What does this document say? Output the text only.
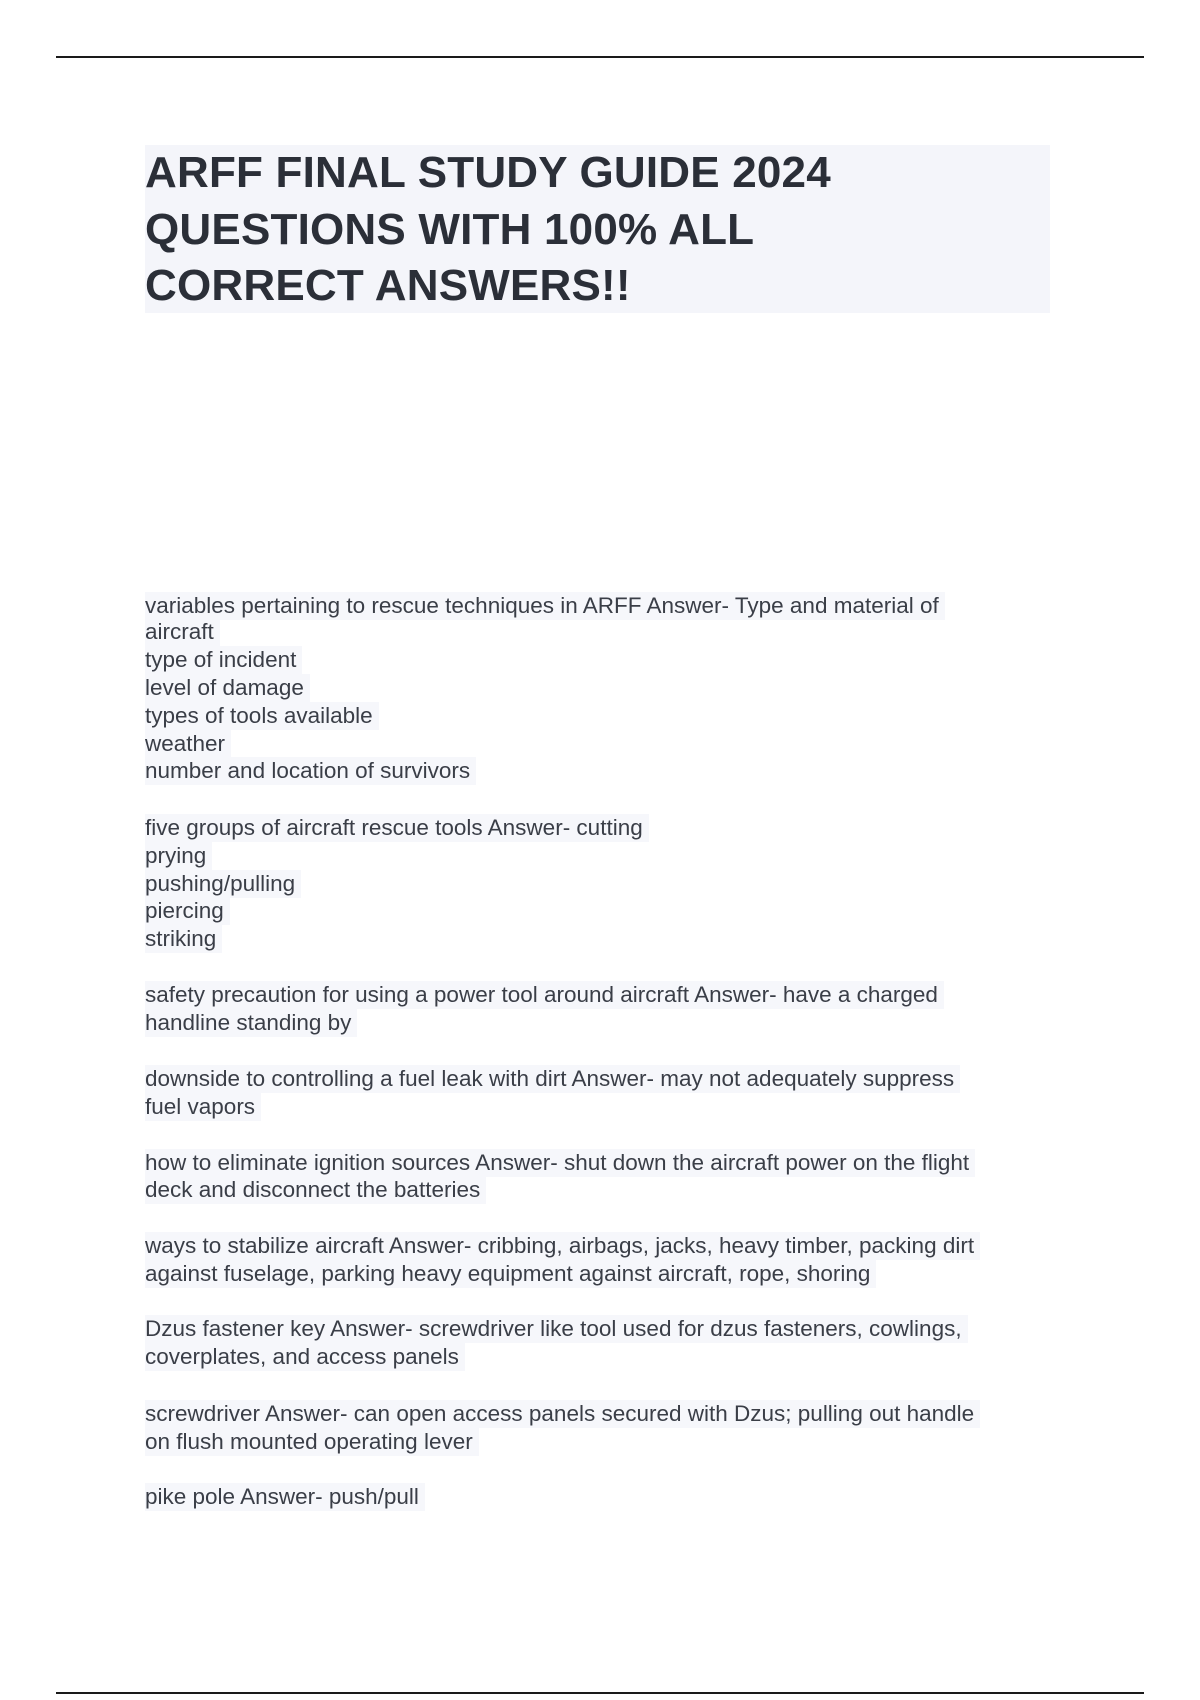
ARFF FINAL STUDY GUIDE 2024

QUESTIONS WITH 100% ALL

CORRECT ANSWERS!!

variables pertaining to rescue techniques in ARFF Answer- Type and material of

aircraft

type of incident

level of damage

types of tools available

weather

number and location of survivors

five groups of aircraft rescue tools Answer- cutting

prying

pushing/pulling

piercing

striking

safety precaution for using a power tool around aircraft Answer- have a charged

handline standing by

downside to controlling a fuel leak with dirt Answer- may not adequately suppress

fuel vapors

how to eliminate ignition sources Answer- shut down the aircraft power on the flight

deck and disconnect the batteries

ways to stabilize aircraft Answer- cribbing, airbags, jacks, heavy timber, packing dirt

against fuselage, parking heavy equipment against aircraft, rope, shoring

Dzus fastener key Answer- screwdriver like tool used for dzus fasteners, cowlings,

coverplates, and access panels

screwdriver Answer- can open access panels secured with Dzus; pulling out handle

on flush mounted operating lever

pike pole Answer- push/pull
